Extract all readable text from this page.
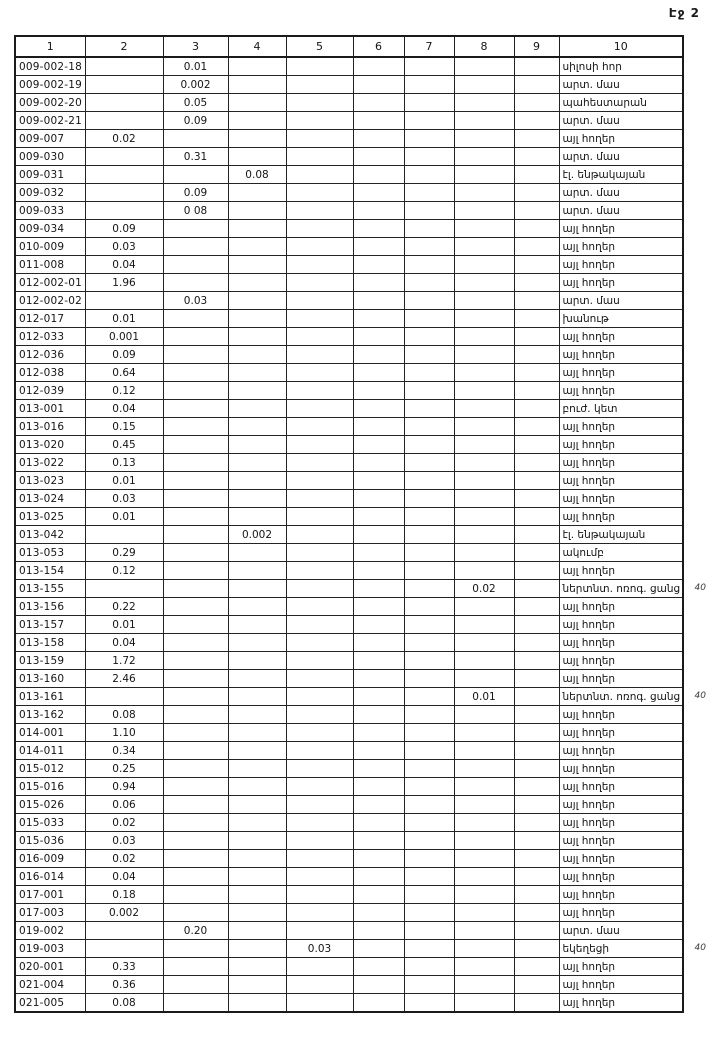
Էջ 2
1	2	3	4	5	6	7	8	9	10
009-002-18		0.01							սիլոսի հոր
009-002-19		0.002							արտ. մաս
009-002-20		0.05							պահեստարան
009-002-21		0.09							արտ. մաս
009-007	0.02								այլ հողեր
009-030		0.31							արտ. մաս
009-031			0.08						էլ. ենթակայան
009-032		0.09							արտ. մաս
009-033		0 08							արտ. մաս
009-034	0.09								այլ հողեր
010-009	0.03								այլ հողեր
011-008	0.04								այլ հողեր
012-002-01	1.96								այլ հողեր
012-002-02		0.03							արտ. մաս
012-017	0.01								խանութ
012-033	0.001								այլ հողեր
012-036	0.09								այլ հողեր
012-038	0.64								այլ հողեր
012-039	0.12								այլ հողեր
013-001	0.04								բուժ. կետ
013-016	0.15								այլ հողեր
013-020	0.45								այլ հողեր
013-022	0.13								այլ հողեր
013-023	0.01								այլ հողեր
013-024	0.03								այլ հողեր
013-025	0.01								այլ հողեր
013-042			0.002						էլ. ենթակայան
013-053	0.29								ակումբ
013-154	0.12								այլ հողեր
013-155							0.02		ներտնտ. ոռոգ. ցանց 40

013-156	0.22								այլ հողեր
013-157	0.01								այլ հողեր
013-158	0.04								այլ հողեր
013-159	1.72								այլ հողեր
013-160	2.46								այլ հողեր
013-161							0.01		ներտնտ. ոռոգ. ցանց 40

013-162	0.08								այլ հողեր
014-001	1.10								այլ հողեր
014-011	0.34								այլ հողեր
015-012	0.25								այլ հողեր
015-016	0.94								այլ հողեր
015-026	0.06								այլ հողեր
015-033	0.02								այլ հողեր
015-036	0.03								այլ հողեր
016-009	0.02								այլ հողեր
016-014	0.04								այլ հողեր
017-001	0.18								այլ հողեր
017-003	0.002								այլ հողեր
019-002		0.20							արտ. մաս
019-003				0.03					եկեղեցի 40

020-001	0.33								այլ հողեր
021-004	0.36								այլ հողեր
021-005	0.08								այլ հողեր
